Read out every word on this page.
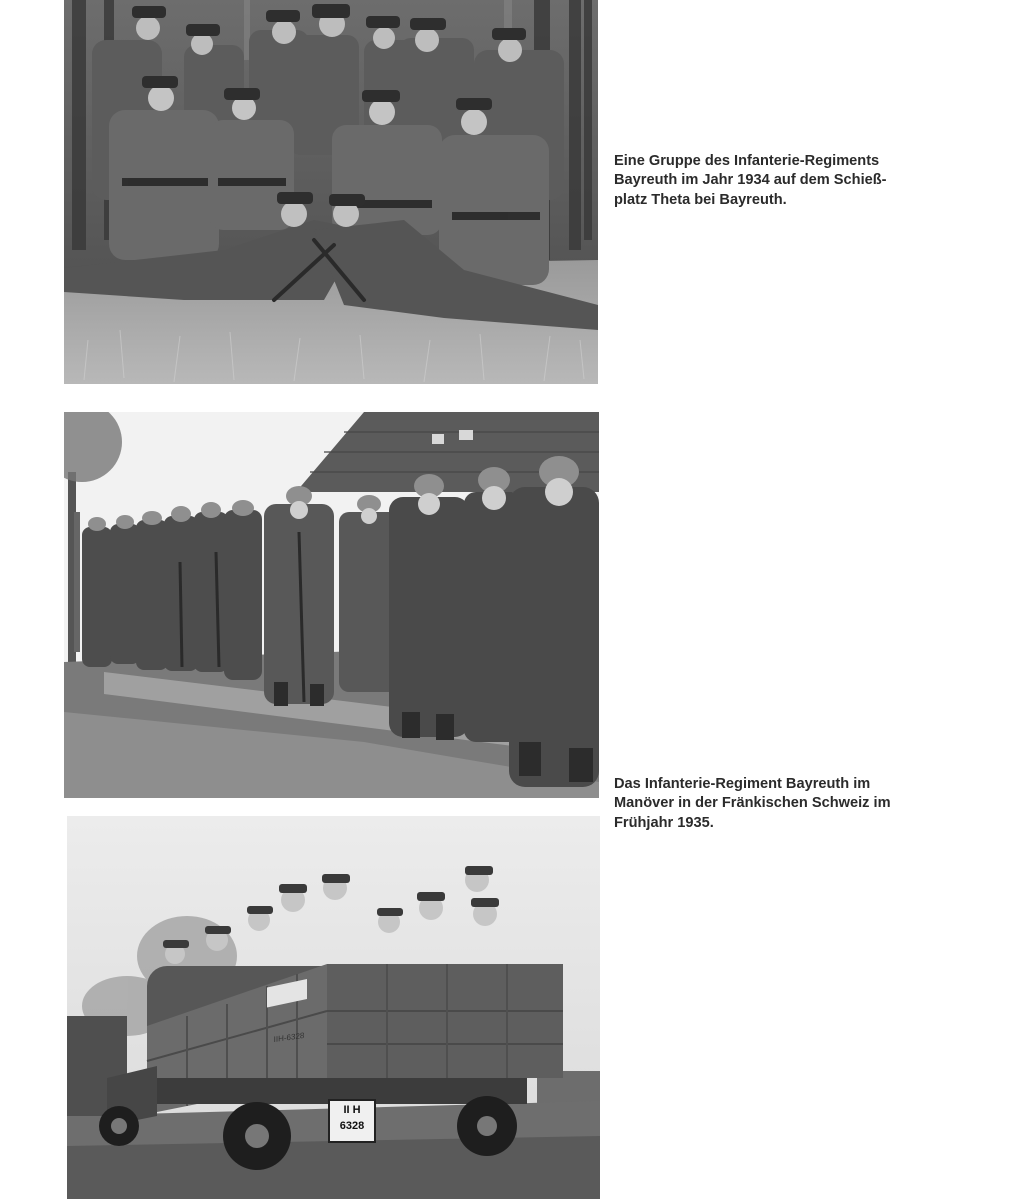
Eine Gruppe des Infanterie-Regiments
Bayreuth im Jahr 1934 auf dem Schieß-
platz Theta bei Bayreuth.

Das Infanterie-Regiment Bayreuth im
Manöver in der Fränkischen Schweiz im
Frühjahr 1935.

IIH-6328
II H
6328
